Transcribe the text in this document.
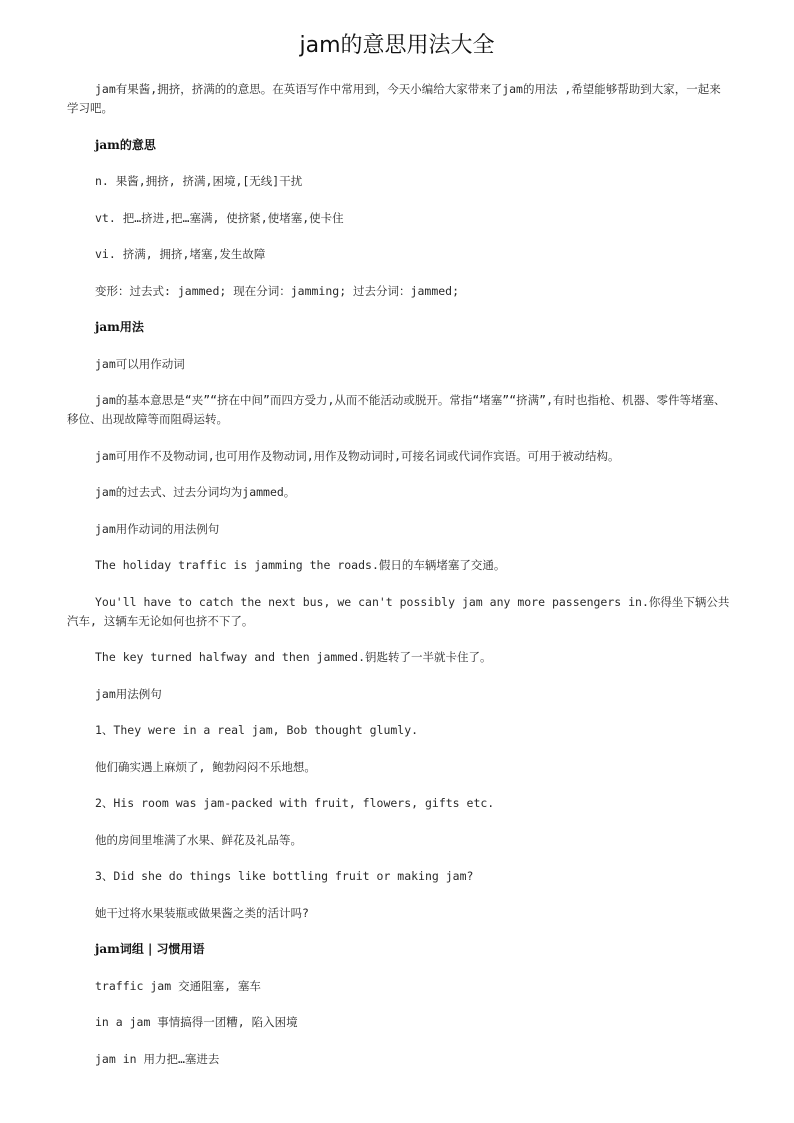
jam的意思用法大全

jam有果酱,拥挤，挤满的的意思。在英语写作中常用到，今天小编给大家带来了jam的用法 ,希望能够帮助到大家，一起来学习吧。

jam的意思

n. 果酱,拥挤, 挤满,困境,[无线]干扰

vt. 把…挤进,把…塞满, 使挤紧,使堵塞,使卡住

vi. 挤满, 拥挤,堵塞,发生故障

变形：过去式: jammed; 现在分词：jamming; 过去分词：jammed;

jam用法

jam可以用作动词

jam的基本意思是“夹”“挤在中间”而四方受力,从而不能活动或脱开。常指“堵塞”“挤满”,有时也指枪、机器、零件等堵塞、移位、出现故障等而阻碍运转。

jam可用作不及物动词,也可用作及物动词,用作及物动词时,可接名词或代词作宾语。可用于被动结构。

jam的过去式、过去分词均为jammed。

jam用作动词的用法例句

The holiday traffic is jamming the roads.假日的车辆堵塞了交通。

You'll have to catch the next bus, we can't possibly jam any more passengers in.你得坐下辆公共汽车, 这辆车无论如何也挤不下了。

The key turned halfway and then jammed.钥匙转了一半就卡住了。

jam用法例句

1、They were in a real jam, Bob thought glumly.

他们确实遇上麻烦了, 鲍勃闷闷不乐地想。

2、His room was jam-packed with fruit, flowers, gifts etc.

他的房间里堆满了水果、鲜花及礼品等。

3、Did she do things like bottling fruit or making jam?

她干过将水果装瓶或做果酱之类的活计吗?

jam词组 | 习惯用语

traffic jam 交通阻塞, 塞车

in a jam 事情搞得一团糟, 陷入困境

jam in 用力把…塞进去
